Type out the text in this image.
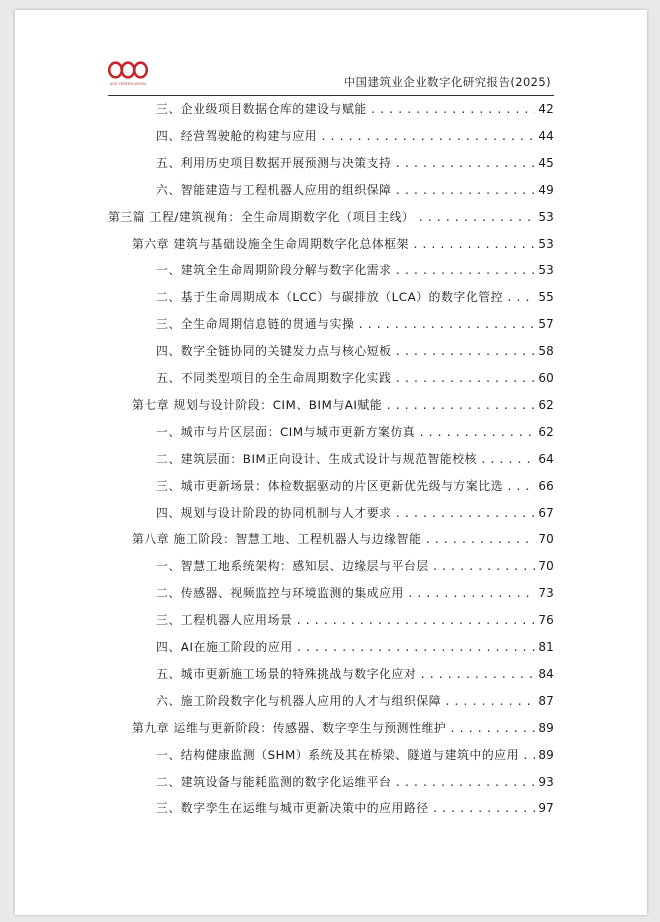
ACE CERTIFICATION	中国建筑业企业数字化研究报告(2025)
三、企业级项目数据仓库的建设与赋能 .....	42
四、经营驾驶舱的构建与应用 .....	44
五、利用历史项目数据开展预测与决策支持 .....	45
六、智能建造与工程机器人应用的组织保障 .....	49
第三篇 工程/建筑视角：全生命周期数字化（项目主线） .....	53
第六章 建筑与基础设施全生命周期数字化总体框架 .....	53
一、建筑全生命周期阶段分解与数字化需求 .....	53
二、基于生命周期成本（LCC）与碳排放（LCA）的数字化管控 .....	55
三、全生命周期信息链的贯通与实操 .....	57
四、数字全链协同的关键发力点与核心短板 .....	58
五、不同类型项目的全生命周期数字化实践 .....	60
第七章 规划与设计阶段：CIM、BIM与AI赋能 .....	62
一、城市与片区层面：CIM与城市更新方案仿真 .....	62
二、建筑层面：BIM正向设计、生成式设计与规范智能校核 .....	64
三、城市更新场景：体检数据驱动的片区更新优先级与方案比选 .....	66
四、规划与设计阶段的协同机制与人才要求 .....	67
第八章 施工阶段：智慧工地、工程机器人与边缘智能 .....	70
一、智慧工地系统架构：感知层、边缘层与平台层 .....	70
二、传感器、视频监控与环境监测的集成应用 .....	73
三、工程机器人应用场景 .....	76
四、AI在施工阶段的应用 .....	81
五、城市更新施工场景的特殊挑战与数字化应对 .....	84
六、施工阶段数字化与机器人应用的人才与组织保障 .....	87
第九章 运维与更新阶段：传感器、数字孪生与预测性维护 .....	89
一、结构健康监测（SHM）系统及其在桥梁、隧道与建筑中的应用 ..... 89
二、建筑设备与能耗监测的数字化运维平台 .....	93
三、数字孪生在运维与城市更新决策中的应用路径 .....	97
